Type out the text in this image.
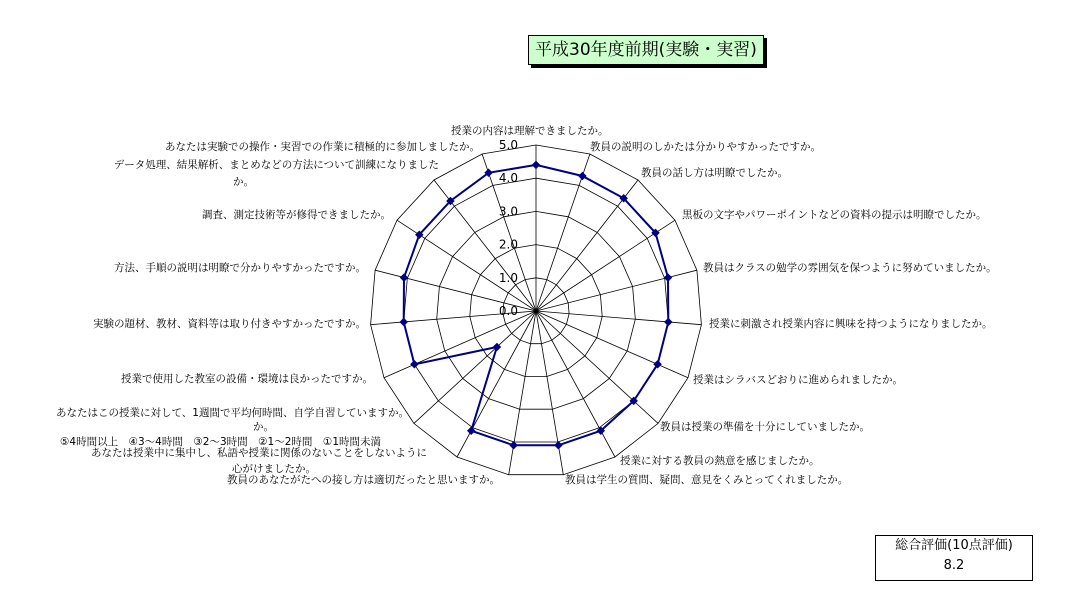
平成30年度前期(実験・実習)
0.0
1.0
2.0
3.0
4.0
5.0
授業の内容は理解できましたか。
教員の説明のしかたは分かりやすかったですか。
教員の話し方は明瞭でしたか。
黒板の文字やパワーポイントなどの資料の提示は明瞭でしたか。
教員はクラスの勉学の雰囲気を保つように努めていましたか。
授業に刺激され授業内容に興味を持つようになりましたか。
授業はシラバスどおりに進められましたか。
教員は授業の準備を十分にしていましたか。
授業に対する教員の熱意を感じましたか。
教員は学生の質問、疑問、意見をくみとってくれましたか。
教員のあなたがたへの接し方は適切だったと思いますか。
あなたは授業中に集中し、私語や授業に関係のないことをしないように
心がけましたか。
あなたはこの授業に対して、1週間で平均何時間、自学自習していますか。
⑤4時間以上　④3～4時間　③2～3時間　②1～2時間　①1時間未満
か。
授業で使用した教室の設備・環境は良かったですか。
実験の題材、教材、資料等は取り付きやすかったですか。
方法、手順の説明は明瞭で分かりやすかったですか。
調査、測定技術等が修得できましたか。
データ処理、結果解析、まとめなどの方法について訓練になりました
か。
あなたは実験での操作・実習での作業に積極的に参加しましたか。
総合評価(10点評価)
8.2
